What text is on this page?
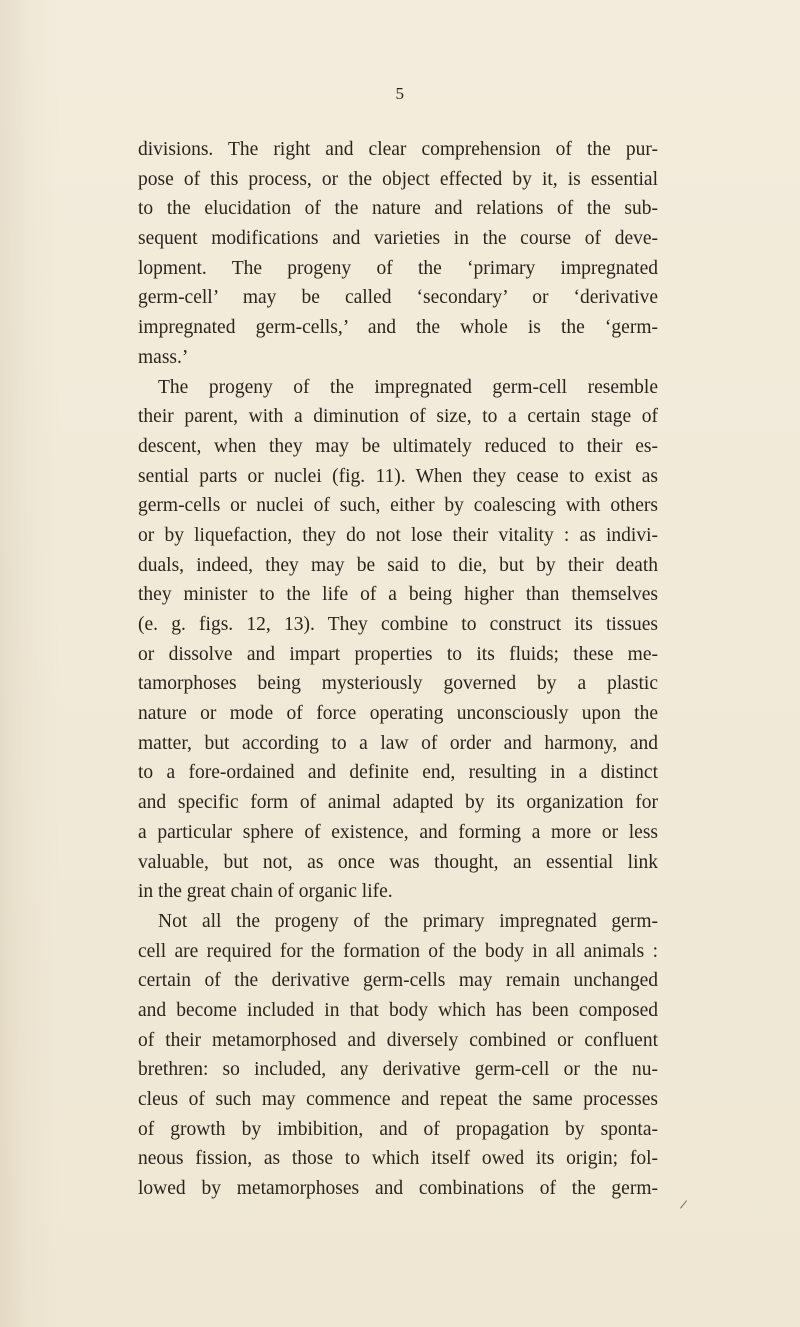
5
divisions. The right and clear comprehension of the pur-
pose of this process, or the object effected by it, is essential
to the elucidation of the nature and relations of the sub-
sequent modifications and varieties in the course of deve-
lopment. The progeny of the ‘primary impregnated
germ-cell’ may be called ‘secondary’ or ‘derivative
impregnated germ-cells,’ and the whole is the ‘germ-
mass.’
The progeny of the impregnated germ-cell resemble
their parent, with a diminution of size, to a certain stage of
descent, when they may be ultimately reduced to their es-
sential parts or nuclei (fig. 11). When they cease to exist as
germ-cells or nuclei of such, either by coalescing with others
or by liquefaction, they do not lose their vitality : as indivi-
duals, indeed, they may be said to die, but by their death
they minister to the life of a being higher than themselves
(e. g. figs. 12, 13). They combine to construct its tissues
or dissolve and impart properties to its fluids; these me-
tamorphoses being mysteriously governed by a plastic
nature or mode of force operating unconsciously upon the
matter, but according to a law of order and harmony, and
to a fore-ordained and definite end, resulting in a distinct
and specific form of animal adapted by its organization for
a particular sphere of existence, and forming a more or less
valuable, but not, as once was thought, an essential link
in the great chain of organic life.
Not all the progeny of the primary impregnated germ-
cell are required for the formation of the body in all animals :
certain of the derivative germ-cells may remain unchanged
and become included in that body which has been composed
of their metamorphosed and diversely combined or confluent
brethren: so included, any derivative germ-cell or the nu-
cleus of such may commence and repeat the same processes
of growth by imbibition, and of propagation by sponta-
neous fission, as those to which itself owed its origin; fol-
lowed by metamorphoses and combinations of the germ-
/
